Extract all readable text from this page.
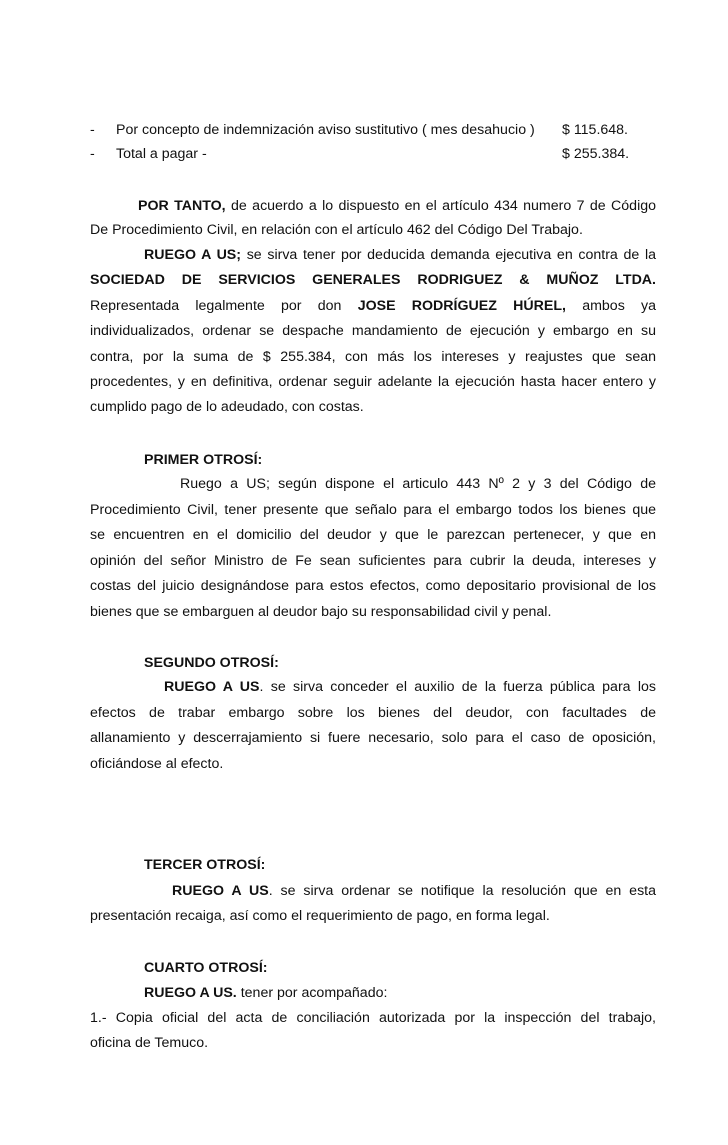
- Por concepto de indemnización aviso sustitutivo ( mes desahucio ) $ 115.648.
- Total a pagar -	$ 255.384.
POR TANTO, de acuerdo a lo dispuesto en el artículo 434 numero 7 de Código
De Procedimiento Civil, en relación con el artículo 462 del Código Del Trabajo.
RUEGO A US; se sirva tener por deducida demanda ejecutiva en contra de la
SOCIEDAD DE SERVICIOS GENERALES RODRIGUEZ & MUÑOZ LTDA.
Representada legalmente por don JOSE RODRÍGUEZ HÚREL, ambos ya
individualizados, ordenar se despache mandamiento de ejecución y embargo en su
contra, por la suma de $ 255.384, con más los intereses y reajustes que sean
procedentes, y en definitiva, ordenar seguir adelante la ejecución hasta hacer entero y
cumplido pago de lo adeudado, con costas.
PRIMER OTROSÍ:
Ruego a US; según dispone el articulo 443 Nº 2 y 3 del Código de
Procedimiento Civil, tener presente que señalo para el embargo todos los bienes que
se encuentren en el domicilio del deudor y que le parezcan pertenecer, y que en
opinión del señor Ministro de Fe sean suficientes para cubrir la deuda, intereses y
costas del juicio designándose para estos efectos, como depositario provisional de los
bienes que se embarguen al deudor bajo su responsabilidad civil y penal.
SEGUNDO OTROSÍ:
RUEGO A US. se sirva conceder el auxilio de la fuerza pública para los
efectos de trabar embargo sobre los bienes del deudor, con facultades de
allanamiento y descerrajamiento si fuere necesario, solo para el caso de oposición,
oficiándose al efecto.
TERCER OTROSÍ:
RUEGO A US. se sirva ordenar se notifique la resolución que en esta
presentación recaiga, así como el requerimiento de pago, en forma legal.
CUARTO OTROSÍ:
RUEGO A US. tener por acompañado:
1.- Copia oficial del acta de conciliación autorizada por la inspección del trabajo,
oficina de Temuco.
